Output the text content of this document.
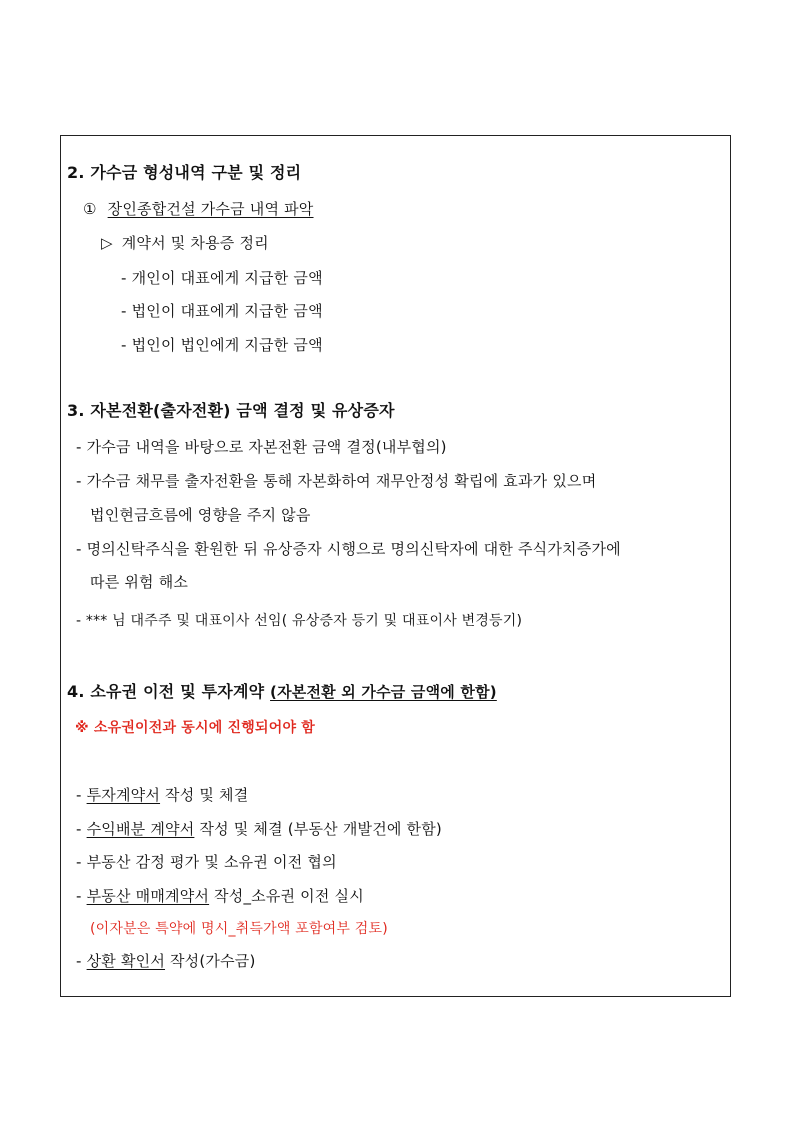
2. 가수금 형성내역 구분 및 정리
① 장인종합건설 가수금 내역 파악
▷ 계약서 및 차용증 정리
- 개인이 대표에게 지급한 금액
- 법인이 대표에게 지급한 금액
- 법인이 법인에게 지급한 금액
3. 자본전환(출자전환) 금액 결정 및 유상증자
- 가수금 내역을 바탕으로 자본전환 금액 결정(내부협의)
- 가수금 채무를 출자전환을 통해 자본화하여 재무안정성 확립에 효과가 있으며
법인현금흐름에 영향을 주지 않음
- 명의신탁주식을 환원한 뒤 유상증자 시행으로 명의신탁자에 대한 주식가치증가에
따른 위험 해소
- *** 님 대주주 및 대표이사 선임( 유상증자 등기 및 대표이사 변경등기)
4. 소유권 이전 및 투자계약 (자본전환 외 가수금 금액에 한함)
※ 소유권이전과 동시에 진행되어야 함
- 투자계약서 작성 및 체결
- 수익배분 계약서 작성 및 체결 (부동산 개발건에 한함)
- 부동산 감정 평가 및 소유권 이전 협의
- 부동산 매매계약서 작성_소유권 이전 실시
(이자분은 특약에 명시_취득가액 포함여부 검토)
- 상환 확인서 작성(가수금)
